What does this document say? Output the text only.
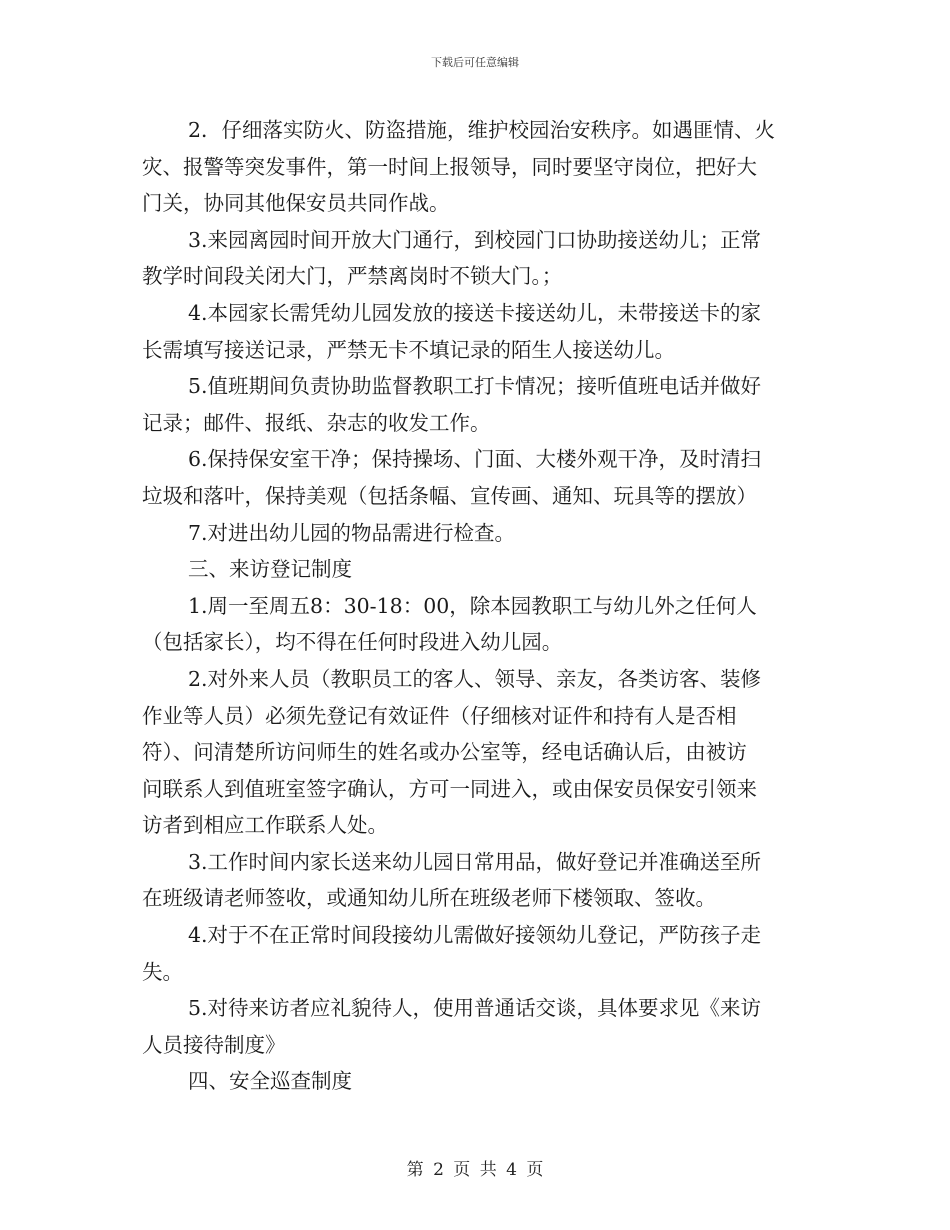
下载后可任意编辑
2．仔细落实防火、防盗措施，维护校园治安秩序。如遇匪情、火
灾、报警等突发事件，第一时间上报领导，同时要坚守岗位，把好大
门关，协同其他保安员共同作战。
3.来园离园时间开放大门通行，到校园门口协助接送幼儿；正常
教学时间段关闭大门，严禁离岗时不锁大门。；
4.本园家长需凭幼儿园发放的接送卡接送幼儿，未带接送卡的家
长需填写接送记录，严禁无卡不填记录的陌生人接送幼儿。
5.值班期间负责协助监督教职工打卡情况；接听值班电话并做好
记录；邮件、报纸、杂志的收发工作。
6.保持保安室干净；保持操场、门面、大楼外观干净，及时清扫
垃圾和落叶，保持美观（包括条幅、宣传画、通知、玩具等的摆放）
7.对进出幼儿园的物品需进行检查。
三、来访登记制度
1.周一至周五8：30-18：00，除本园教职工与幼儿外之任何人
（包括家长），均不得在任何时段进入幼儿园。
2.对外来人员（教职员工的客人、领导、亲友，各类访客、装修
作业等人员）必须先登记有效证件（仔细核对证件和持有人是否相
符）、问清楚所访问师生的姓名或办公室等，经电话确认后，由被访
问联系人到值班室签字确认，方可一同进入，或由保安员保安引领来
访者到相应工作联系人处。
3.工作时间内家长送来幼儿园日常用品，做好登记并准确送至所
在班级请老师签收，或通知幼儿所在班级老师下楼领取、签收。
4.对于不在正常时间段接幼儿需做好接领幼儿登记，严防孩子走
失。
5.对待来访者应礼貌待人，使用普通话交谈，具体要求见《来访
人员接待制度》
四、安全巡查制度
第 2 页 共 4 页
